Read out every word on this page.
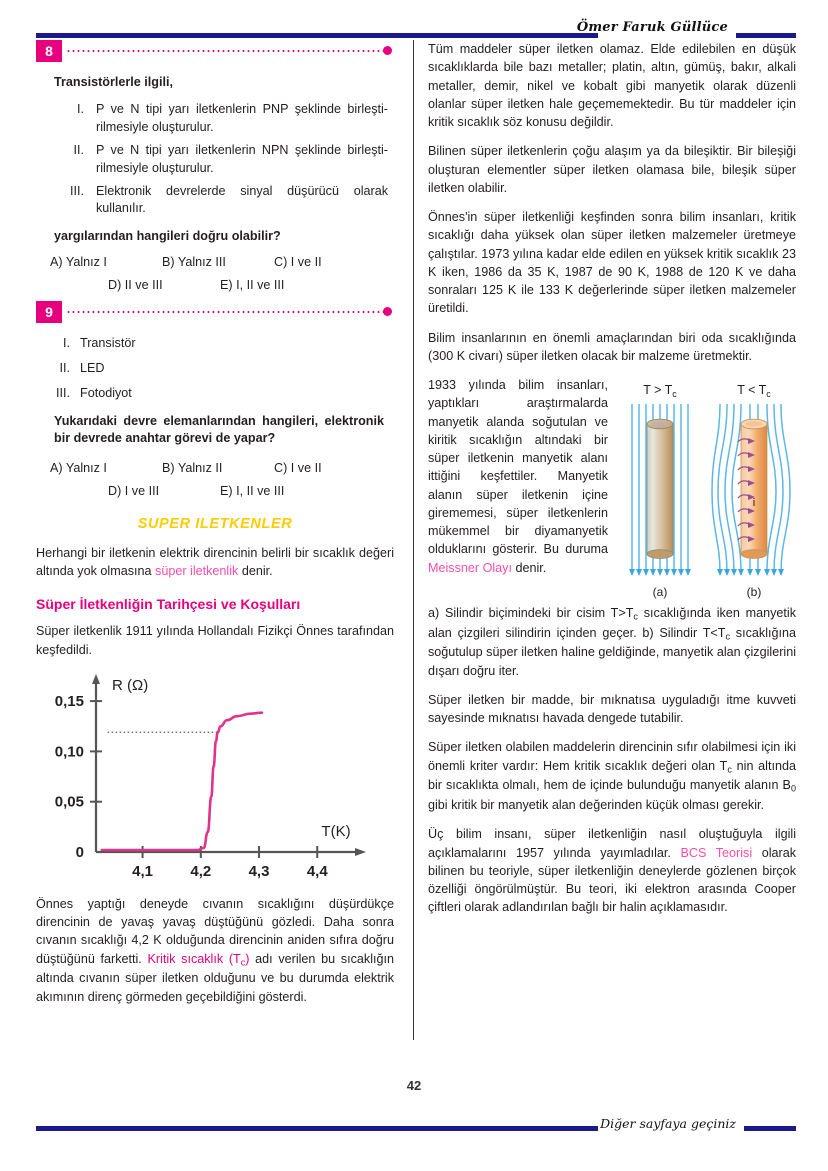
Ömer Faruk Güllüce
8
Transistörlerle ilgili,
I. P ve N tipi yarı iletkenlerin PNP şeklinde birleşti-rilmesiyle oluşturulur.
II. P ve N tipi yarı iletkenlerin NPN şeklinde birleşti-rilmesiyle oluşturulur.
III. Elektronik devrelerde sinyal düşürücü olarak kullanılır.
yargılarından hangileri doğru olabilir?
A) Yalnız I	B) Yalnız III	C) I ve II
D) II ve III	E) I, II ve III
9
I. Transistör
II. LED
III. Fotodiyot
Yukarıdaki devre elemanlarından hangileri, elektronik bir devrede anahtar görevi de yapar?
A) Yalnız I	B) Yalnız II	C) I ve II
D) I ve III	E) I, II ve III
SUPER ILETKENLER

Herhangi bir iletkenin elektrik direncinin belirli bir sıcaklık değeri altında yok olmasına süper iletkenlik denir.

Süper İletkenliğin Tarihçesi ve Koşulları

Süper iletkenlik 1911 yılında Hollandalı Fizikçi Önnes tarafından keşfedildi.

0
0,05
0,10
0,15
4,1 4,2 4,3 4,4
R (Ω)
T(K)

Önnes yaptığı deneyde cıvanın sıcaklığını düşürdükçe direncinin de yavaş yavaş düştüğünü gözledi. Daha sonra cıvanın sıcaklığı 4,2 K olduğunda direncinin aniden sıfıra doğru düştüğünü farketti. Kritik sıcaklık $(T_c)$ adı verilen bu sıcaklığın altında cıvanın süper iletken olduğunu ve bu durumda elektrik akımının direnç görmeden geçebildiğini gösterdi.

Tüm maddeler süper iletken olamaz. Elde edilebilen en düşük sıcaklıklarda bile bazı metaller; platin, altın, gümüş, bakır, alkali metaller, demir, nikel ve kobalt gibi manyetik olarak düzenli olanlar süper iletken hale geçememektedir. Bu tür maddeler için kritik sıcaklık söz konusu değildir.

Bilinen süper iletkenlerin çoğu alaşım ya da bileşiktir. Bir bileşiği oluşturan elementler süper iletken olamasa bile, bileşik süper iletken olabilir.

Önnes'in süper iletkenliği keşfinden sonra bilim insanları, kritik sıcaklığı daha yüksek olan süper iletken malzemeler üretmeye çalıştılar. 1973 yılına kadar elde edilen en yüksek kritik sıcaklık 23 K iken, 1986 da 35 K, 1987 de 90 K, 1988 de 120 K ve daha sonraları 125 K ile 133 K değerlerinde süper iletken malzemeler üretildi.

Bilim insanlarının en önemli amaçlarından biri oda sıcaklığında (300 K civarı) süper iletken olacak bir malzeme üretmektir.

$T > T_c$
(a)
i
$T < T_c$
(b)

1933 yılında bilim insanları, yaptıkları araştırmalarda manyetik alanda soğutulan ve kiritik sıcaklığın altındaki bir süper iletkenin manyetik alanı ittiğini keşfettiler. Manyetik alanın süper iletkenin içine girememesi, süper iletkenlerin mükemmel bir diyamanyetik olduklarını gösterir. Bu duruma Meissner Olayı denir.

a) Silindir biçimindeki bir cisim $T>T_c$ sıcaklığında iken manyetik alan çizgileri silindirin içinden geçer. b) Silindir $T<T_c$ sıcaklığına soğutulup süper iletken haline geldiğinde, manyetik alan çizgilerini dışarı doğru iter.

Süper iletken bir madde, bir mıknatısa uyguladığı itme kuvveti sayesinde mıknatısı havada dengede tutabilir.

Süper iletken olabilen maddelerin direncinin sıfır olabilmesi için iki önemli kriter vardır: Hem kritik sıcaklık değeri olan $T_c$ nin altında bir sıcaklıkta olmalı, hem de içinde bulunduğu manyetik alanın $B_0$ gibi kritik bir manyetik alan değerinden küçük olması gerekir.

Üç bilim insanı, süper iletkenliğin nasıl oluştuğuyla ilgili açıklamalarını 1957 yılında yayımladılar. BCS Teorisi olarak bilinen bu teoriyle, süper iletkenliğin deneylerde gözlenen birçok özelliği öngörülmüştür. Bu teori, iki elektron arasında Cooper çiftleri olarak adlandırılan bağlı bir halin açıklamasıdır.

42
Diğer sayfaya geçiniz
